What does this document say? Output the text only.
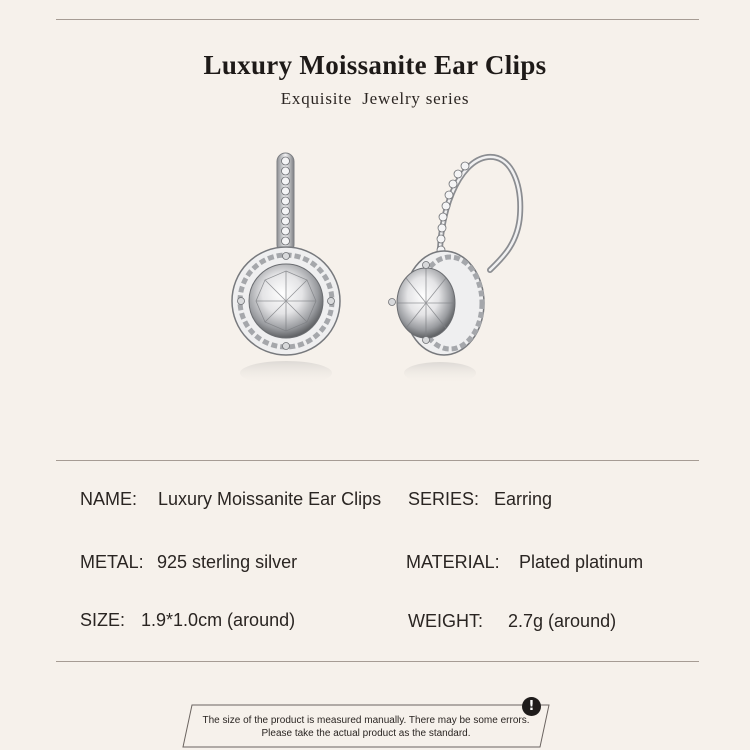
Luxury Moissanite Ear Clips
Exquisite  Jewelry series
NAME: Luxury Moissanite Ear Clips SERIES: Earring
METAL: 925 sterling silver	MATERIAL: Plated platinum
SIZE: 1.9*1.0cm (around)	WEIGHT: 2.7g (around)
!
The size of the product is measured manually. There may be some errors.
Please take the actual product as the standard.
